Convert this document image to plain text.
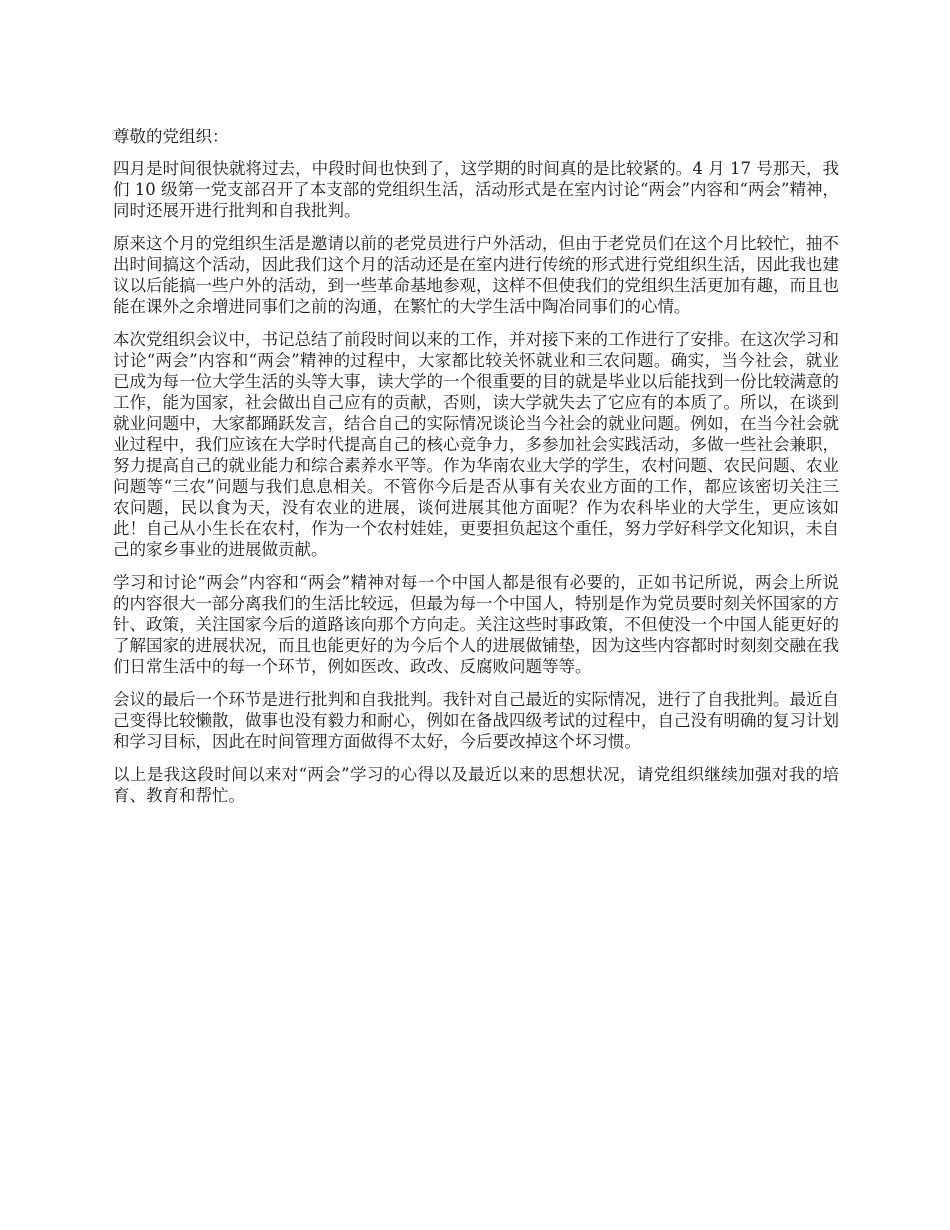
尊敬的党组织：

四月是时间很快就将过去，中段时间也快到了，这学期的时间真的是比较紧的。4 月 17 号那天，我们 10 级第一党支部召开了本支部的党组织生活，活动形式是在室内讨论“两会”内容和“两会”精神，同时还展开进行批判和自我批判。

原来这个月的党组织生活是邀请以前的老党员进行户外活动，但由于老党员们在这个月比较忙，抽不出时间搞这个活动，因此我们这个月的活动还是在室内进行传统的形式进行党组织生活，因此我也建议以后能搞一些户外的活动，到一些革命基地参观，这样不但使我们的党组织生活更加有趣，而且也能在课外之余增进同事们之前的沟通，在繁忙的大学生活中陶冶同事们的心情。

本次党组织会议中，书记总结了前段时间以来的工作，并对接下来的工作进行了安排。在这次学习和讨论“两会”内容和“两会”精神的过程中，大家都比较关怀就业和三农问题。确实，当今社会，就业已成为每一位大学生活的头等大事，读大学的一个很重要的目的就是毕业以后能找到一份比较满意的工作，能为国家，社会做出自己应有的贡献，否则，读大学就失去了它应有的本质了。所以，在谈到就业问题中，大家都踊跃发言，结合自己的实际情况谈论当今社会的就业问题。例如，在当今社会就业过程中，我们应该在大学时代提高自己的核心竞争力，多参加社会实践活动，多做一些社会兼职，努力提高自己的就业能力和综合素养水平等。作为华南农业大学的学生，农村问题、农民问题、农业问题等“三农”问题与我们息息相关。不管你今后是否从事有关农业方面的工作，都应该密切关注三农问题，民以食为天，没有农业的进展，谈何进展其他方面呢？作为农科毕业的大学生，更应该如此！自己从小生长在农村，作为一个农村娃娃，更要担负起这个重任，努力学好科学文化知识，未自己的家乡事业的进展做贡献。

学习和讨论“两会”内容和“两会”精神对每一个中国人都是很有必要的，正如书记所说，两会上所说的内容很大一部分离我们的生活比较远，但最为每一个中国人，特别是作为党员要时刻关怀国家的方针、政策，关注国家今后的道路该向那个方向走。关注这些时事政策，不但使没一个中国人能更好的了解国家的进展状况，而且也能更好的为今后个人的进展做铺垫，因为这些内容都时时刻刻交融在我们日常生活中的每一个环节，例如医改、政改、反腐败问题等等。

会议的最后一个环节是进行批判和自我批判。我针对自己最近的实际情况，进行了自我批判。最近自己变得比较懒散，做事也没有毅力和耐心，例如在备战四级考试的过程中，自己没有明确的复习计划和学习目标，因此在时间管理方面做得不太好，今后要改掉这个坏习惯。

以上是我这段时间以来对“两会”学习的心得以及最近以来的思想状况，请党组织继续加强对我的培育、教育和帮忙。
